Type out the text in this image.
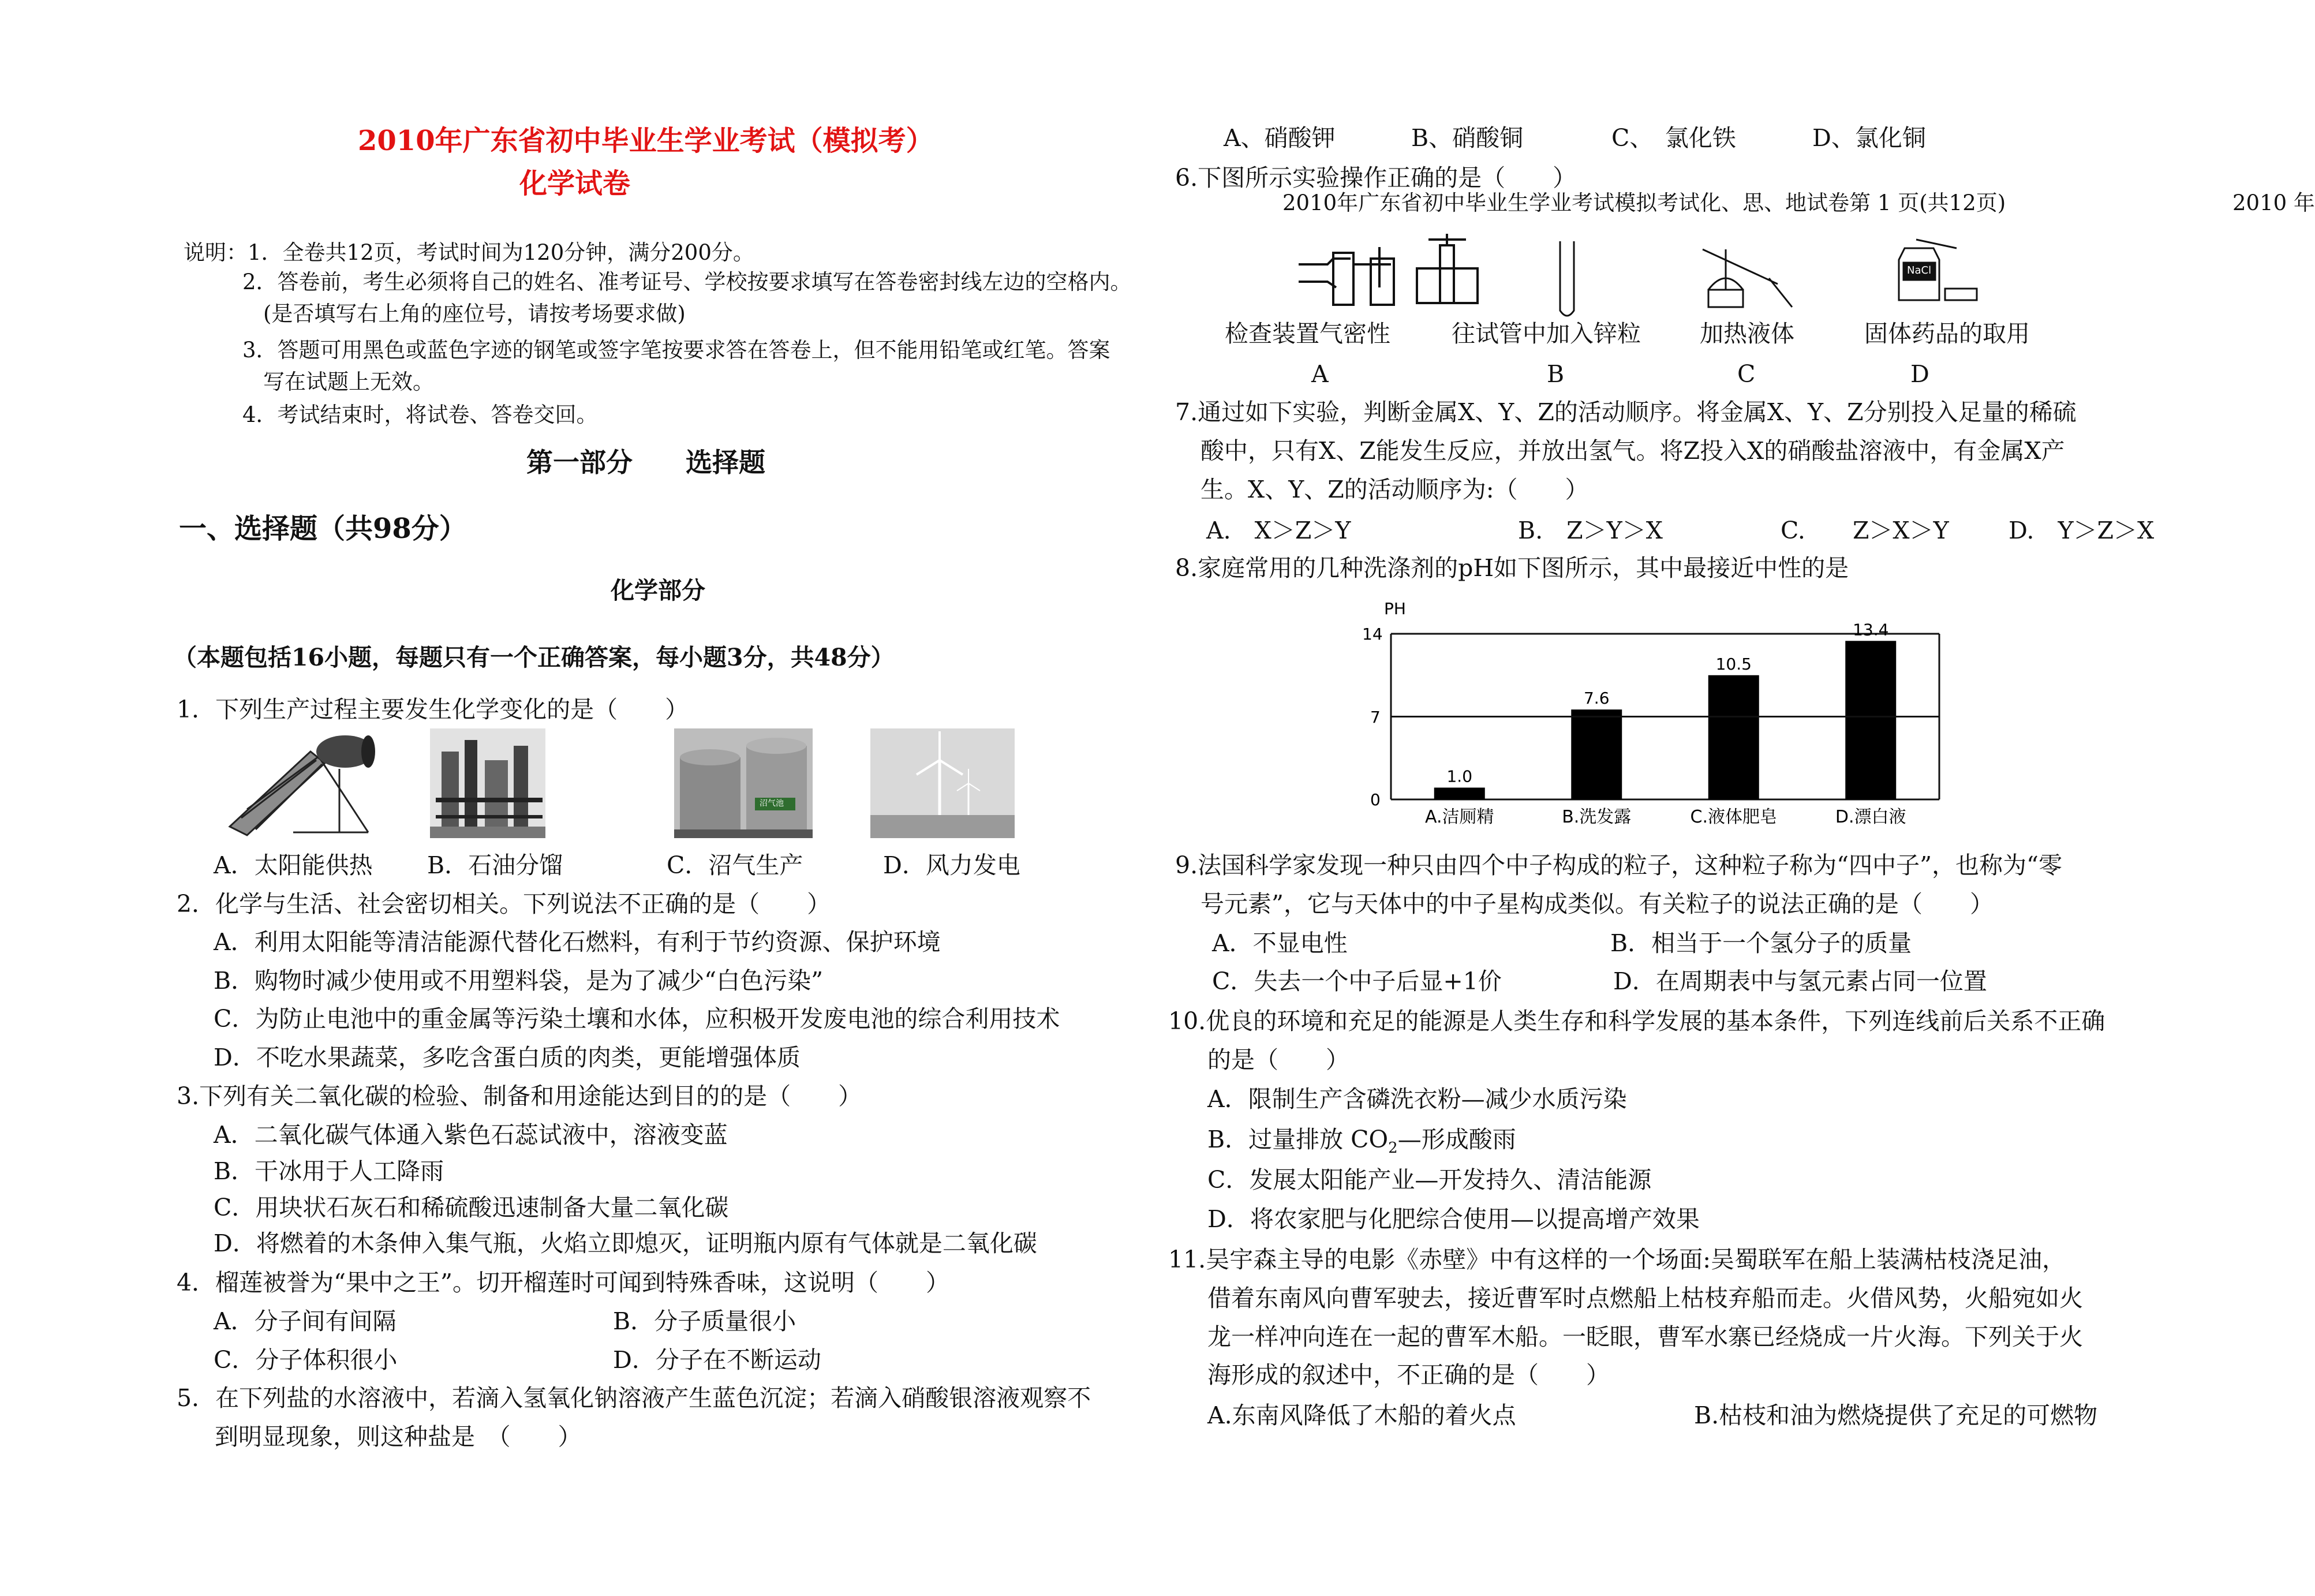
2010年广东省初中毕业生学业考试（模拟考）
化学试卷
说明：1．全卷共12页，考试时间为120分钟，满分200分。
2．答卷前，考生必须将自己的姓名、准考证号、学校按要求填写在答卷密封线左边的空格内。
(是否填写右上角的座位号，请按考场要求做)
3．答题可用黑色或蓝色字迹的钢笔或签字笔按要求答在答卷上，但不能用铅笔或红笔。答案
写在试题上无效。
4．考试结束时，将试卷、答卷交回。
第一部分　　选择题
一、选择题（共98分）
化学部分
（本题包括16小题，每题只有一个正确答案，每小题3分，共48分）
1．下列生产过程主要发生化学变化的是（　　）
沼气池
A．太阳能供热 B．石油分馏	C．沼气生产	D．风力发电
2．化学与生活、社会密切相关。下列说法不正确的是（　　）
A．利用太阳能等清洁能源代替化石燃料，有利于节约资源、保护环境
B．购物时减少使用或不用塑料袋，是为了减少“白色污染”
C．为防止电池中的重金属等污染土壤和水体，应积极开发废电池的综合利用技术
D．不吃水果蔬菜，多吃含蛋白质的肉类，更能增强体质
3.下列有关二氧化碳的检验、制备和用途能达到目的的是（　　）
A．二氧化碳气体通入紫色石蕊试液中，溶液变蓝
B．干冰用于人工降雨
C．用块状石灰石和稀硫酸迅速制备大量二氧化碳
D．将燃着的木条伸入集气瓶，火焰立即熄灭，证明瓶内原有气体就是二氧化碳
4．榴莲被誉为“果中之王”。切开榴莲时可闻到特殊香味，这说明（　　）
A．分子间有间隔	B．分子质量很小
C．分子体积很小	D．分子在不断运动
5．在下列盐的水溶液中，若滴入氢氧化钠溶液产生蓝色沉淀；若滴入硝酸银溶液观察不
到明显现象，则这种盐是　（　　）
A、硝酸钾	B、硝酸铜	C、　氯化铁	D、氯化铜
6.下图所示实验操作正确的是（　　）
2010年广东省初中毕业生学业考试模拟考试化、思、地试卷第 1 页(共12页)	2010 年
NaCl
检查装置气密性	往试管中加入锌粒 加热液体	固体药品的取用
A	B	C	D
7.通过如下实验，判断金属X、Y、Z的活动顺序。将金属X、Y、Z分别投入足量的稀硫
酸中，只有X、Z能发生反应，并放出氢气。将Z投入X的硝酸盐溶液中，有金属X产
生。X、Y、Z的活动顺序为:（　　）
A.　X＞Z＞Y	B.　Z＞Y＞X	C.　　Z＞X＞Y	D.　Y＞Z＞X
8.家庭常用的几种洗涤剂的pH如下图所示，其中最接近中性的是
PH
14
7
0
1.0
A.洁厕精
7.6
B.洗发露
10.5
C.液体肥皂
13.4
D.漂白液
9.法国科学家发现一种只由四个中子构成的粒子，这种粒子称为“四中子”，也称为“零
号元素”，它与天体中的中子星构成类似。有关粒子的说法正确的是（　　）
A．不显电性	B．相当于一个氢分子的质量
C．失去一个中子后显+1价	D．在周期表中与氢元素占同一位置
10.优良的环境和充足的能源是人类生存和科学发展的基本条件，下列连线前后关系不正确
的是（　　）
A．限制生产含磷洗衣粉—减少水质污染
B．过量排放 $CO_2—$形成酸雨
C．发展太阳能产业—开发持久、清洁能源
D．将农家肥与化肥综合使用—以提高增产效果
11.吴宇森主导的电影《赤壁》中有这样的一个场面:吴蜀联军在船上装满枯枝浇足油，
借着东南风向曹军驶去，接近曹军时点燃船上枯枝弃船而走。火借风势，火船宛如火
龙一样冲向连在一起的曹军木船。一眨眼，曹军水寨已经烧成一片火海。下列关于火
海形成的叙述中，不正确的是（　　）
A.东南风降低了木船的着火点	B.枯枝和油为燃烧提供了充足的可燃物
